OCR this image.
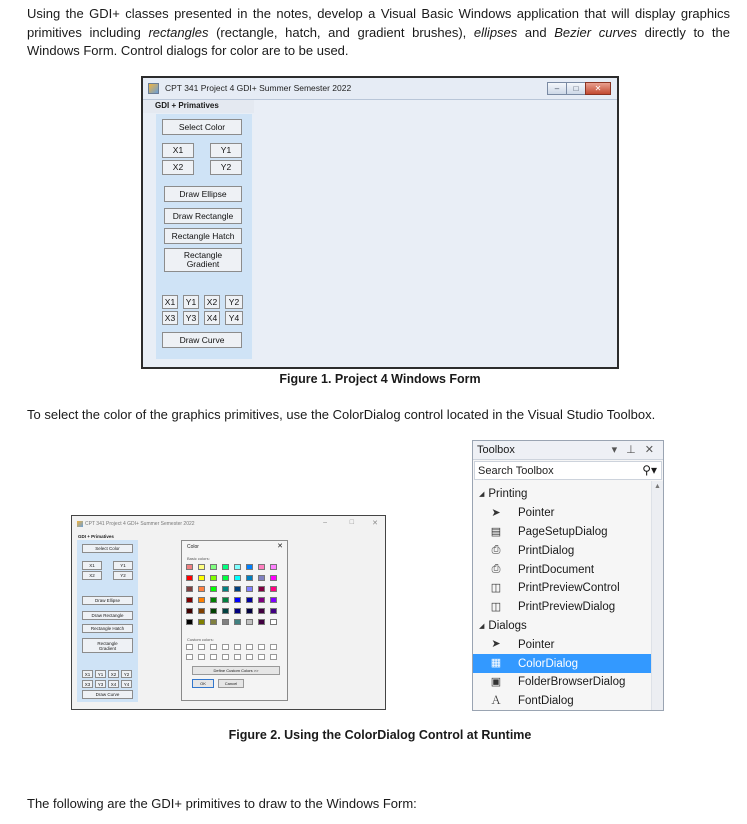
Using the GDI+ classes presented in the notes, develop a Visual Basic Windows application that will display graphics primitives including rectangles (rectangle, hatch, and gradient brushes), ellipses and Bezier curves directly to the Windows Form. Control dialogs for color are to be used.

CPT 341 Project 4 GDI+ Summer Semester 2022	–	□	✕
GDI + Primatives
Select Color
X1	Y1
X2	Y2
Draw Ellipse
Draw Rectangle
Rectangle Hatch
Rectangle Gradient
X1	Y1	X2	Y2
X3	Y3	X4	Y4
Draw Curve
Figure 1. Project 4 Windows Form

To select the color of the graphics primitives, use the ColorDialog control located in the Visual Studio Toolbox.

CPT 341 Project 4 GDI+ Summer Semester 2022	–	□	✕
GDI + Primatives
Select Color
X1	Y1
X2	Y2
Draw Ellipse
Draw Rectangle
Rectangle Hatch
Rectangle Gradient
X1	Y1	X2	Y2
X3	Y3	X4	Y4
Draw Curve
Color	✕
Basic colors:
Custom colors:
Define Custom Colors >>
OK	Cancel
Toolbox	▾ ⊥ ✕
Search Toolbox	⚲▾
◢ Printing
➤ Pointer
▤ PageSetupDialog
⎙ PrintDialog
⎙ PrintDocument
◫ PrintPreviewControl
◫ PrintPreviewDialog
◢ Dialogs
➤ Pointer
▦ ColorDialog
▣ FolderBrowserDialog
Ａ FontDialog
▲
Figure 2. Using the ColorDialog Control at Runtime

The following are the GDI+ primitives to draw to the Windows Form:
